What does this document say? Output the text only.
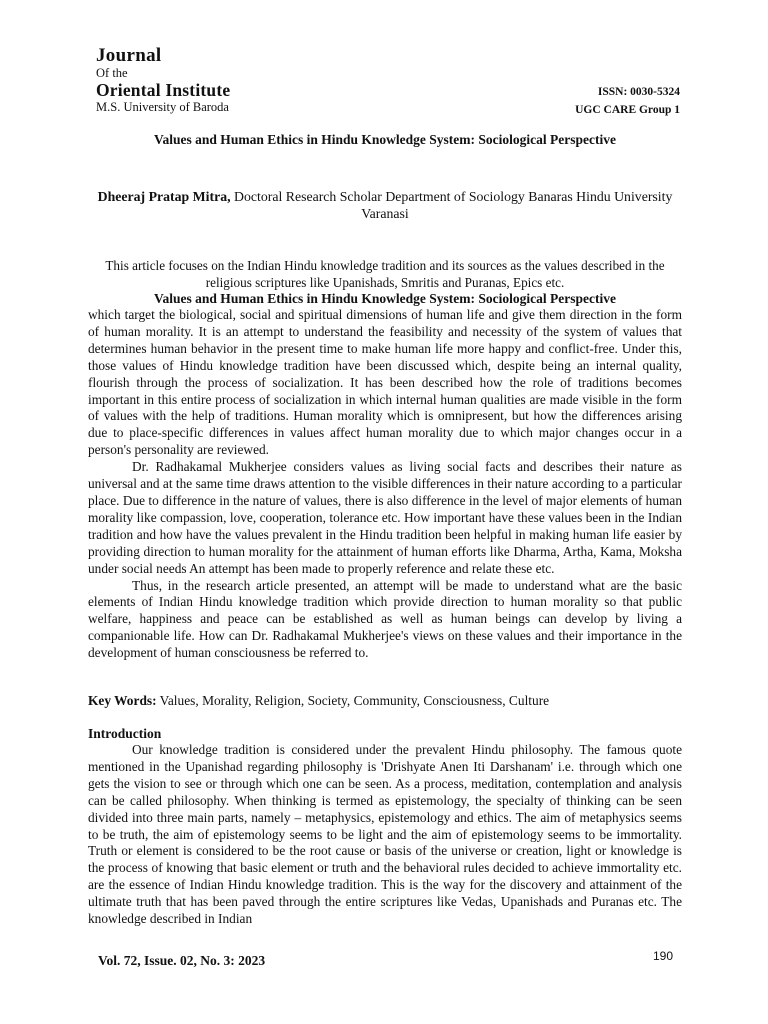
Journal
Of the
Oriental Institute
M.S. University of Baroda
ISSN: 0030-5324
UGC CARE Group 1
Values and Human Ethics in Hindu Knowledge System: Sociological Perspective
Dheeraj Pratap Mitra, Doctoral Research Scholar Department of Sociology Banaras Hindu University Varanasi
This article focuses on the Indian Hindu knowledge tradition and its sources as the values described in the religious scriptures like Upanishads, Smritis and Puranas, Epics etc.
Values and Human Ethics in Hindu Knowledge System: Sociological Perspective

which target the biological, social and spiritual dimensions of human life and give them direction in the form of human morality. It is an attempt to understand the feasibility and necessity of the system of values that determines human behavior in the present time to make human life more happy and conflict-free. Under this, those values of Hindu knowledge tradition have been discussed which, despite being an internal quality, flourish through the process of socialization. It has been described how the role of traditions becomes important in this entire process of socialization in which internal human qualities are made visible in the form of values with the help of traditions. Human morality which is omnipresent, but how the differences arising due to place-specific differences in values affect human morality due to which major changes occur in a person's personality are reviewed.

Dr. Radhakamal Mukherjee considers values as living social facts and describes their nature as universal and at the same time draws attention to the visible differences in their nature according to a particular place. Due to difference in the nature of values, there is also difference in the level of major elements of human morality like compassion, love, cooperation, tolerance etc. How important have these values been in the Indian tradition and how have the values prevalent in the Hindu tradition been helpful in making human life easier by providing direction to human morality for the attainment of human efforts like Dharma, Artha, Kama, Moksha under social needs An attempt has been made to properly reference and relate these etc.

Thus, in the research article presented, an attempt will be made to understand what are the basic elements of Indian Hindu knowledge tradition which provide direction to human morality so that public welfare, happiness and peace can be established as well as human beings can develop by living a companionable life. How can Dr. Radhakamal Mukherjee's views on these values and their importance in the development of human consciousness be referred to.

Key Words: Values, Morality, Religion, Society, Community, Consciousness, Culture
Introduction

Our knowledge tradition is considered under the prevalent Hindu philosophy. The famous quote mentioned in the Upanishad regarding philosophy is 'Drishyate Anen Iti Darshanam' i.e. through which one gets the vision to see or through which one can be seen. As a process, meditation, contemplation and analysis can be called philosophy. When thinking is termed as epistemology, the specialty of thinking can be seen divided into three main parts, namely – metaphysics, epistemology and ethics. The aim of metaphysics seems to be truth, the aim of epistemology seems to be light and the aim of epistemology seems to be immortality. Truth or element is considered to be the root cause or basis of the universe or creation, light or knowledge is the process of knowing that basic element or truth and the behavioral rules decided to achieve immortality etc. are the essence of Indian Hindu knowledge tradition. This is the way for the discovery and attainment of the ultimate truth that has been paved through the entire scriptures like Vedas, Upanishads and Puranas etc. The knowledge described in Indian

Vol. 72, Issue. 02, No. 3: 2023	190
